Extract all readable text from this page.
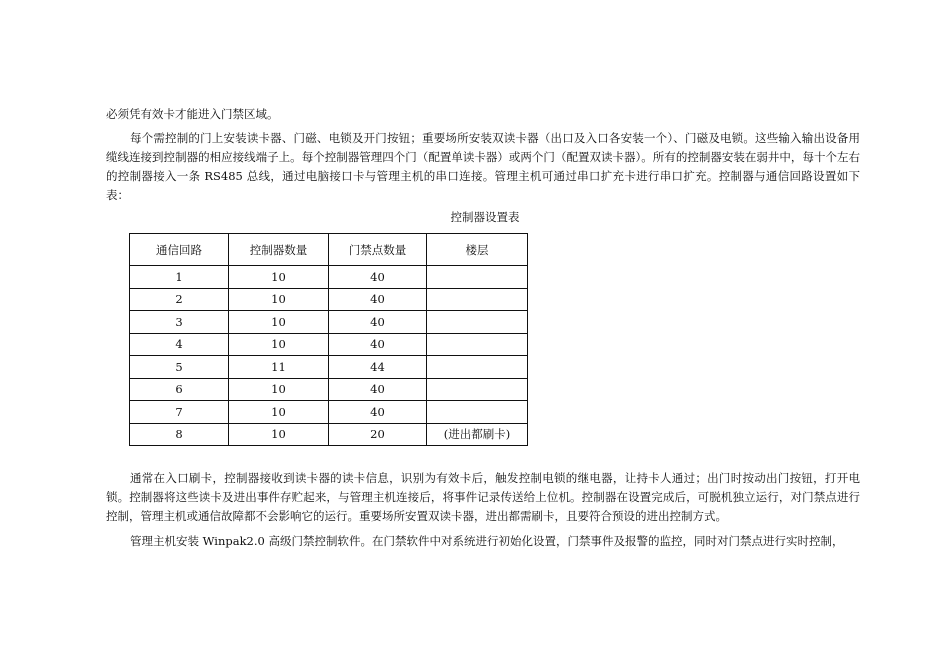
必须凭有效卡才能进入门禁区域。

每个需控制的门上安装读卡器、门磁、电锁及开门按钮；重要场所安装双读卡器（出口及入口各安装一个）、门磁及电锁。这些输入输出设备用缆线连接到控制器的相应接线端子上。每个控制器管理四个门（配置单读卡器）或两个门（配置双读卡器）。所有的控制器安装在弱井中，每十个左右的控制器接入一条 RS485 总线，通过电脑接口卡与管理主机的串口连接。管理主机可通过串口扩充卡进行串口扩充。控制器与通信回路设置如下表：

控制器设置表
通信回路	控制器数量	门禁点数量	楼层
1	10	40	
2	10	40	
3	10	40	
4	10	40	
5	11	44	
6	10	40	
7	10	40	
8	10	20	(进出都刷卡)

通常在入口刷卡，控制器接收到读卡器的读卡信息，识别为有效卡后，触发控制电锁的继电器，让持卡人通过；出门时按动出门按钮，打开电锁。控制器将这些读卡及进出事件存贮起来，与管理主机连接后，将事件记录传送给上位机。控制器在设置完成后，可脱机独立运行，对门禁点进行控制，管理主机或通信故障都不会影响它的运行。重要场所安置双读卡器，进出都需刷卡，且要符合预设的进出控制方式。

管理主机安装 Winpak2.0 高级门禁控制软件。在门禁软件中对系统进行初始化设置，门禁事件及报警的监控，同时对门禁点进行实时控制，
